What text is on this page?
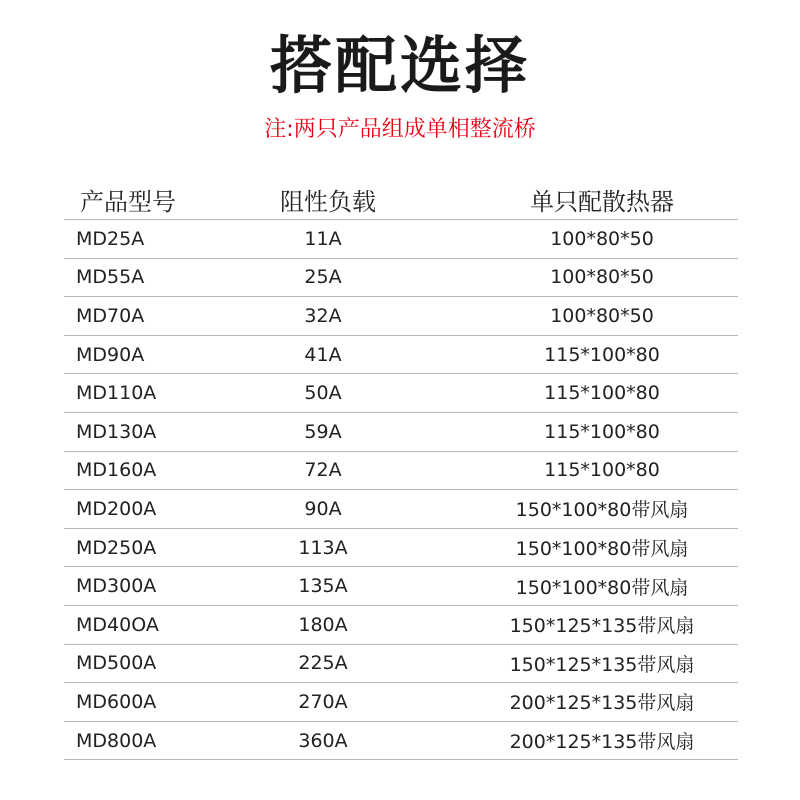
搭配选择
注:两只产品组成单相整流桥
产品型号	阻性负载	单只配散热器
MD25A	11A	100*80*50
MD55A	25A	100*80*50
MD70A	32A	100*80*50
MD90A	41A	115*100*80
MD110A	50A	115*100*80
MD130A	59A	115*100*80
MD160A	72A	115*100*80
MD200A	90A	150*100*80带风扇
MD250A	113A	150*100*80带风扇
MD300A	135A	150*100*80带风扇
MD40OA	180A	150*125*135带风扇
MD500A	225A	150*125*135带风扇
MD600A	270A	200*125*135带风扇
MD800A	360A	200*125*135带风扇
